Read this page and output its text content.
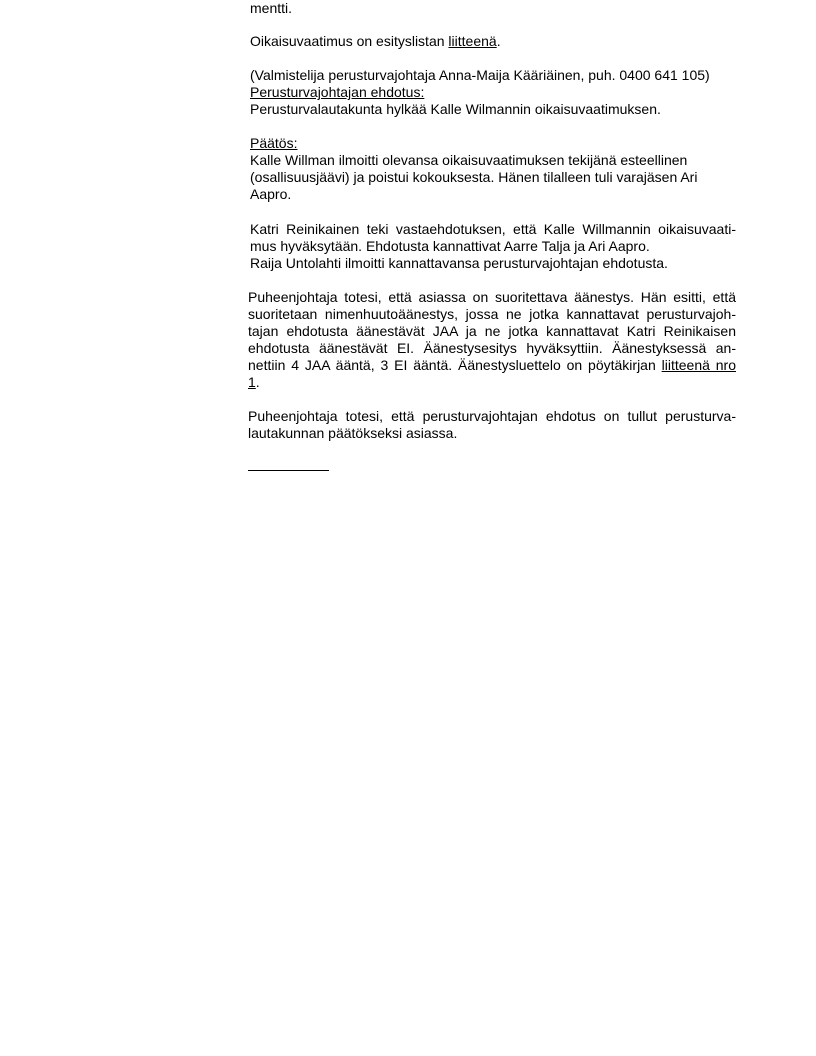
mentti.

Oikaisuvaatimus on esityslistan liitteenä.

(Valmistelija perusturvajohtaja Anna-Maija Kääriäinen, puh. 0400 641 105)

Perusturvajohtajan ehdotus:

Perusturvalautakunta hylkää Kalle Wilmannin oikaisuvaatimuksen.

Päätös:

Kalle Willman ilmoitti olevansa oikaisuvaatimuksen tekijänä esteellinen

(osallisuusjäävi) ja poistui kokouksesta. Hänen tilalleen tuli varajäsen Ari

Aapro.

Katri Reinikainen teki vastaehdotuksen, että Kalle Willmannin oikaisuvaati-

mus hyväksytään. Ehdotusta kannattivat Aarre Talja ja Ari Aapro.

Raija Untolahti ilmoitti kannattavansa perusturvajohtajan ehdotusta.

Puheenjohtaja totesi, että asiassa on suoritettava äänestys. Hän esitti, että

suoritetaan nimenhuutoäänestys, jossa ne jotka kannattavat perusturvajoh-

tajan ehdotusta äänestävät JAA ja ne jotka kannattavat Katri Reinikaisen

ehdotusta äänestävät EI. Äänestysesitys hyväksyttiin. Äänestyksessä an-

nettiin 4 JAA ääntä, 3 EI ääntä. Äänestysluettelo on pöytäkirjan liitteenä nro

1.

Puheenjohtaja totesi, että perusturvajohtajan ehdotus on tullut perusturva-

lautakunnan päätökseksi asiassa.
